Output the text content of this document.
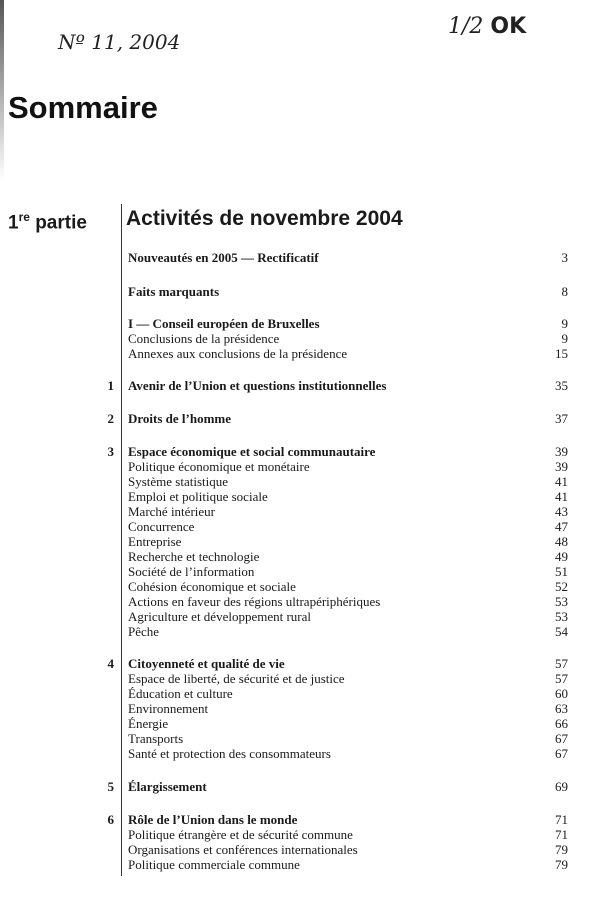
Nº 11, 2004
1/2 OK
Sommaire
1re partie Activités de novembre 2004
Nouveautés en 2005 — Rectificatif	3
Faits marquants	8
I — Conseil européen de Bruxelles	9
Conclusions de la présidence	9
Annexes aux conclusions de la présidence	15
1 Avenir de l’Union et questions institutionnelles	35
2 Droits de l’homme	37
3 Espace économique et social communautaire	39
Politique économique et monétaire	39
Système statistique	41
Emploi et politique sociale	41
Marché intérieur	43
Concurrence	47
Entreprise	48
Recherche et technologie	49
Société de l’information	51
Cohésion économique et sociale	52
Actions en faveur des régions ultrapériphériques	53
Agriculture et développement rural	53
Pêche	54
4 Citoyenneté et qualité de vie	57
Espace de liberté, de sécurité et de justice	57
Éducation et culture	60
Environnement	63
Énergie	66
Transports	67
Santé et protection des consommateurs	67
5 Élargissement	69
6 Rôle de l’Union dans le monde	71
Politique étrangère et de sécurité commune	71
Organisations et conférences internationales	79
Politique commerciale commune	79
